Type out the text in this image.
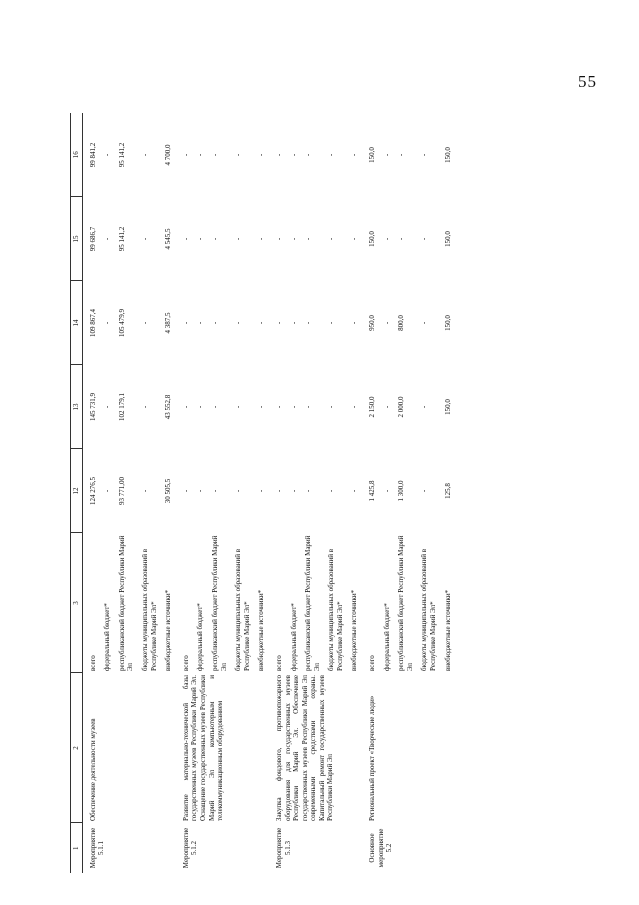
55
1	2	3	12	13	14	15	16
Мероприятие 5.1.1	Обеспечение деятельности музеев	всего	124 276,5	145 731,9	109 867,4	99 686,7	99 841,2
		федеральный бюджет*	-	-	-	-	-
		республиканский бюджет Республики Марий Эл	93 771,00	102 179,1	105 479,9	95 141,2	95 141,2
		бюджеты муниципальных образований в Республике Марий Эл*	-	-	-	-	-
		внебюджетные источники*	30 505,5	43 552,8	4 387,5	4 545,5	4 700,0
Мероприятие 5.1.2	Развитие материально-технической базы государственных музеев Республики Марий Эл. Оснащение государственных музеев Республики Марий Эл компьютерным и телекоммуникационным оборудованием	всего	-	-	-	-	-
		федеральный бюджет*	-	-	-	-	-
		республиканский бюджет Республики Марий Эл	-	-	-	-	-
		бюджеты муниципальных образований в Республике Марий Эл*	-	-	-	-	-
		внебюджетные источники*	-	-	-	-	-
Мероприятие 5.1.3	Закупка фондового, противопожарного оборудования для государственных музеев Республики Марий Эл. Обеспечение государственных музеев Республики Марий Эл современными средствами охраны. Капитальный ремонт государственных музеев Республики Марий Эл	всего	-	-	-	-	-
		федеральный бюджет*	-	-	-	-	-
		республиканский бюджет Республики Марий Эл	-	-	-	-	-
		бюджеты муниципальных образований в Республике Марий Эл*	-	-	-	-	-
		внебюджетные источники*	-	-	-	-	-
Основное мероприятие 5.2	Региональный проект «Творческие люди»	всего	1 425,8	2 150,0	950,0	150,0	150,0
		федеральный бюджет*	-	-	-	-	-
		республиканский бюджет Республики Марий Эл	1 300,0	2 000,0	800,0	-	-
		бюджеты муниципальных образований в Республике Марий Эл*	-	-	-	-	-
		внебюджетные источники*	125,8	150,0	150,0	150,0	150,0
